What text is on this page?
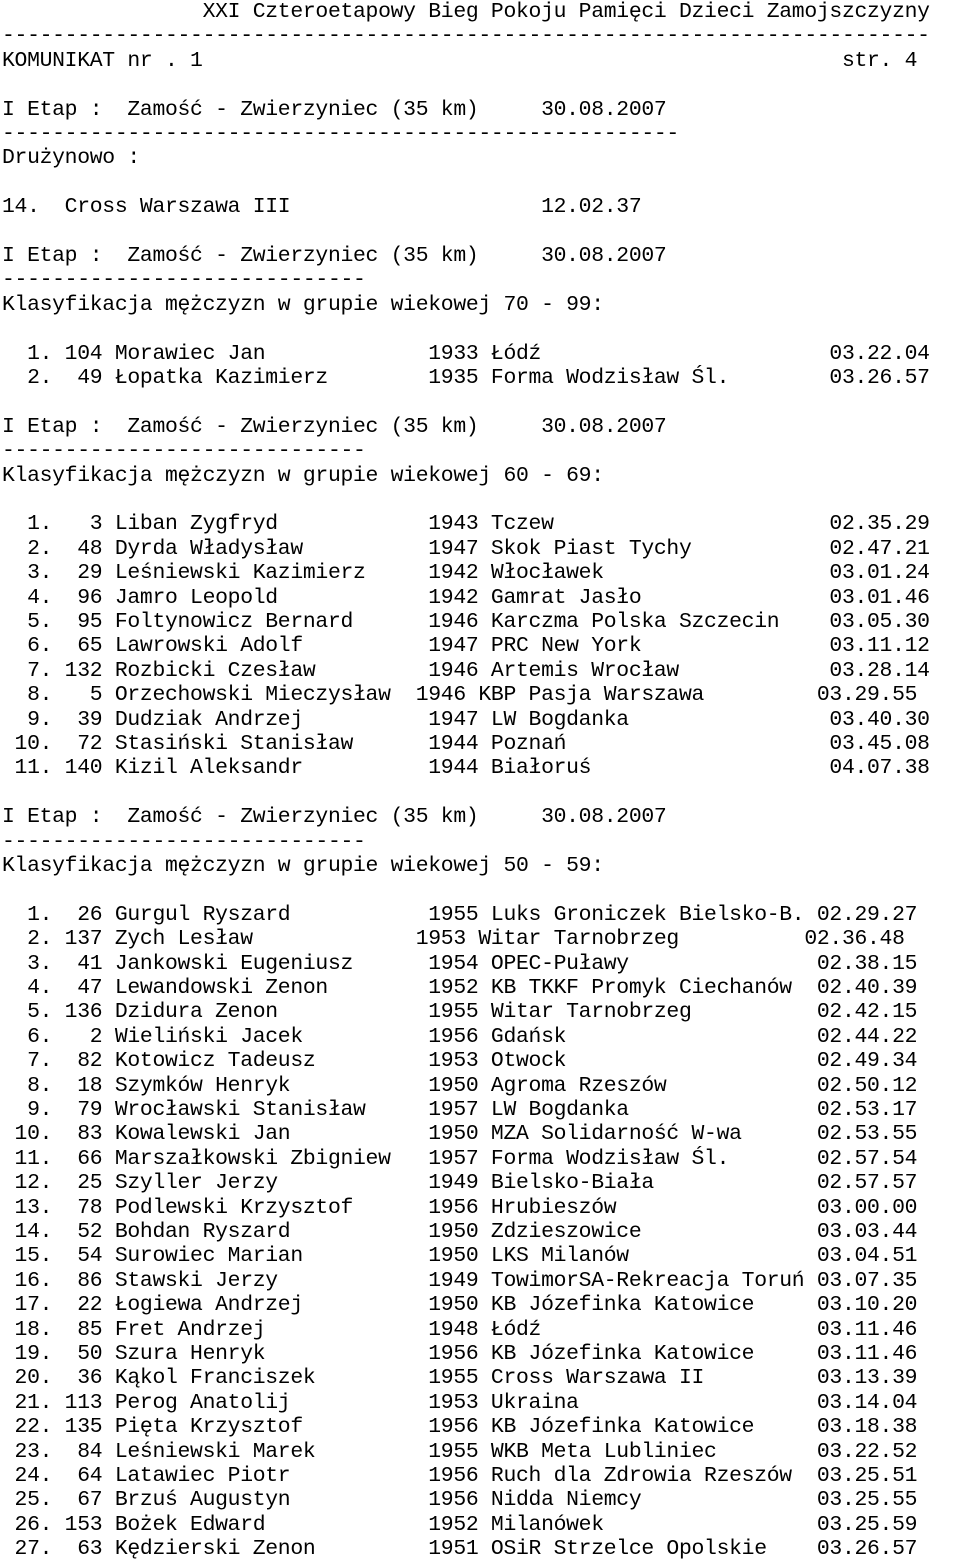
XXI Czteroetapowy Bieg Pokoju Pamięci Dzieci Zamojszczyzny
--------------------------------------------------------------------------
KOMUNIKAT nr . 1                                                   str. 4
I Etap :  Zamość - Zwierzyniec (35 km)     30.08.2007
------------------------------------------------------
Drużynowo :
14.  Cross Warszawa III                    12.02.37
I Etap :  Zamość - Zwierzyniec (35 km)     30.08.2007
-----------------------------
Klasyfikacja mężczyzn w grupie wiekowej 70 - 99:
1. 104 Morawiec Jan             1933 Łódź                       03.22.04
2.  49 Łopatka Kazimierz        1935 Forma Wodzisław Śl.        03.26.57
I Etap :  Zamość - Zwierzyniec (35 km)     30.08.2007
-----------------------------
Klasyfikacja mężczyzn w grupie wiekowej 60 - 69:
1.   3 Liban Zygfryd            1943 Tczew                      02.35.29
2.  48 Dyrda Władysław          1947 Skok Piast Tychy           02.47.21
3.  29 Leśniewski Kazimierz     1942 Włocławek                  03.01.24
4.  96 Jamro Leopold            1942 Gamrat Jasło               03.01.46
5.  95 Foltynowicz Bernard      1946 Karczma Polska Szczecin    03.05.30
6.  65 Lawrowski Adolf          1947 PRC New York               03.11.12
7. 132 Rozbicki Czesław         1946 Artemis Wrocław            03.28.14
8.   5 Orzechowski Mieczysław  1946 KBP Pasja Warszawa         03.29.55
9.  39 Dudziak Andrzej          1947 LW Bogdanka                03.40.30
10.  72 Stasiński Stanisław      1944 Poznań                     03.45.08
11. 140 Kizil Aleksandr          1944 Białoruś                   04.07.38
I Etap :  Zamość - Zwierzyniec (35 km)     30.08.2007
-----------------------------
Klasyfikacja mężczyzn w grupie wiekowej 50 - 59:
1.  26 Gurgul Ryszard           1955 Luks Groniczek Bielsko-B. 02.29.27
2. 137 Zych Lesław             1953 Witar Tarnobrzeg          02.36.48
3.  41 Jankowski Eugeniusz      1954 OPEC-Puławy               02.38.15
4.  47 Lewandowski Zenon        1952 KB TKKF Promyk Ciechanów  02.40.39
5. 136 Dzidura Zenon            1955 Witar Tarnobrzeg          02.42.15
6.   2 Wieliński Jacek          1956 Gdańsk                    02.44.22
7.  82 Kotowicz Tadeusz         1953 Otwock                    02.49.34
8.  18 Szymków Henryk           1950 Agroma Rzeszów            02.50.12
9.  79 Wrocławski Stanisław     1957 LW Bogdanka               02.53.17
10.  83 Kowalewski Jan           1950 MZA Solidarność W-wa      02.53.55
11.  66 Marszałkowski Zbigniew   1957 Forma Wodzisław Śl.       02.57.54
12.  25 Szyller Jerzy            1949 Bielsko-Biała             02.57.57
13.  78 Podlewski Krzysztof      1956 Hrubieszów                03.00.00
14.  52 Bohdan Ryszard           1950 Zdzieszowice              03.03.44
15.  54 Surowiec Marian          1950 LKS Milanów               03.04.51
16.  86 Stawski Jerzy            1949 TowimorSA-Rekreacja Toruń 03.07.35
17.  22 Łogiewa Andrzej          1950 KB Józefinka Katowice     03.10.20
18.  85 Fret Andrzej             1948 Łódź                      03.11.46
19.  50 Szura Henryk             1956 KB Józefinka Katowice     03.11.46
20.  36 Kąkol Franciszek         1955 Cross Warszawa II         03.13.39
21. 113 Perog Anatolij           1953 Ukraina                   03.14.04
22. 135 Pięta Krzysztof          1956 KB Józefinka Katowice     03.18.38
23.  84 Leśniewski Marek         1955 WKB Meta Lubliniec        03.22.52
24.  64 Latawiec Piotr           1956 Ruch dla Zdrowia Rzeszów  03.25.51
25.  67 Brzuś Augustyn           1956 Nidda Niemcy              03.25.55
26. 153 Bożek Edward             1952 Milanówek                 03.25.59
27.  63 Kędzierski Zenon         1951 OSiR Strzelce Opolskie    03.26.57
